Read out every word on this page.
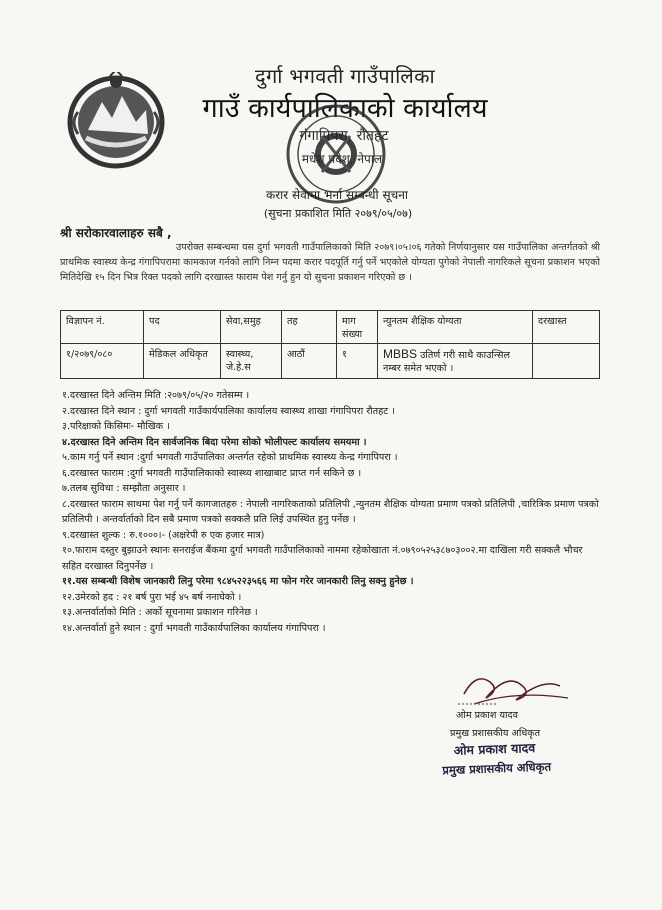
दुर्गा भगवती गाउँपालिका
गाउँ कार्यपालिकाको कार्यालय
गंगापिपरा, रौतहट
मधेश प्रदेश, नेपाल
करार सेवामा भर्ना सम्बन्धी सूचना
(सुचना प्रकाशित मिति २०७९/०५/०७)
श्री सरोकारवालाहरु सबै ,
उपरोक्त सम्बन्धमा यस दुर्गा भगवती गाउँपालिकाको मिति २०७९।०५।०६ गतेको निर्णयानुसार यस गाउँपालिका अन्तर्गतको श्री प्राथमिक स्वास्थ्य केन्द्र गंगापिपरामा कामकाज गर्नको लागि निम्न पदमा करार पदपूर्ति गर्नु पर्ने भएकोले योग्यता पुगेको नेपाली नागरिकले सूचना प्रकाशन भएको मितिदेखि १५ दिन भित्र रिक्त पदको लागि दरखास्त फाराम पेश गर्नु हुन यो सुचना प्रकाशन गरिएको छ ।
विज्ञापन नं.	पद	सेवा,समुह	तह	माग संख्या	न्युनतम शैक्षिक योग्यता	दरखास्त
१/२०७९/०८०	मेडिकल अधिकृत	स्वास्थ्य, जे.हे.स	आठौं	१	MBBS उतिर्ण गरी साथै काउन्सिल नम्बर समेत भएको ।	
१.दरखास्त दिने अन्तिम मिति :२०७९/०५/२० गतेसम्म ।
२.दरखास्त दिने स्थान : दुर्गा भगवती गाउँकार्यपालिका कार्यालय स्वास्थ्य शाखा गंगापिपरा रौतहट ।
३.परिक्षाको किसिमः- मौखिक ।
४.दरखास्त दिने अन्तिम दिन सार्वजनिक बिदा परेमा सोको भोलीपल्ट कार्यालय समयमा ।
५.काम गर्नु पर्ने स्थान :दुर्गा भगवती गाउँपालिका अन्तर्गत रहेको प्राथमिक स्वास्थ्य केन्द्र गंगापिपरा ।
६.दरखास्त फाराम :दुर्गा भगवती गाउँपालिकाको स्वास्थ्य शाखाबाट प्राप्त गर्न सकिने छ ।
७.तलब सुविधा : सम्झौता अनुसार ।
८.दरखास्त फाराम साथमा पेश गर्नु पर्ने कागजातहरु : नेपाली नागरिकताको प्रतिलिपी ,न्युनतम शैक्षिक योग्यता प्रमाण पत्रको प्रतिलिपी ,चारित्रिक प्रमाण पत्रको प्रतिलिपी । अन्तर्वार्ताको दिन सबै प्रमाण पत्रको सक्कलै प्रति लिई उपस्थित हुनु पर्नेछ ।
९.दरखास्त शुल्क : रु.१०००।- (अक्षरेपी रु एक हजार मात्र)
१०.फाराम दस्तुर बुझाउने स्थानः सनराईज बैंकमा दुर्गा भगवती गाउँपालिकाको नाममा रहेकोखाता नं.०७९०५२५३८७०३००२.मा दाखिला गरी सक्कलै भौचर सहित दरखास्त दिनुपर्नेछ ।
११.यस सम्बन्धी विशेष जानकारी लिनु परेमा ९८४५२२३५६६ मा फोन गरेर जानकारी लिनु सक्नु हुनेछ ।
१२.उमेरको हद : २१ बर्ष पुरा भई ४५ बर्ष ननाघेको ।
१३.अन्तर्वार्ताको मिति : अर्को सूचनामा प्रकाशन गरिनेछ ।
१४.अन्तर्वार्ता हुने स्थान : दुर्गा भगवती गाउँकार्यपालिका कार्यालय गंगापिपरा ।
ओम प्रकाश यादव
प्रमुख प्रशासकीय अधिकृत
ओम प्रकाश यादव
प्रमुख प्रशासकीय अधिकृत
